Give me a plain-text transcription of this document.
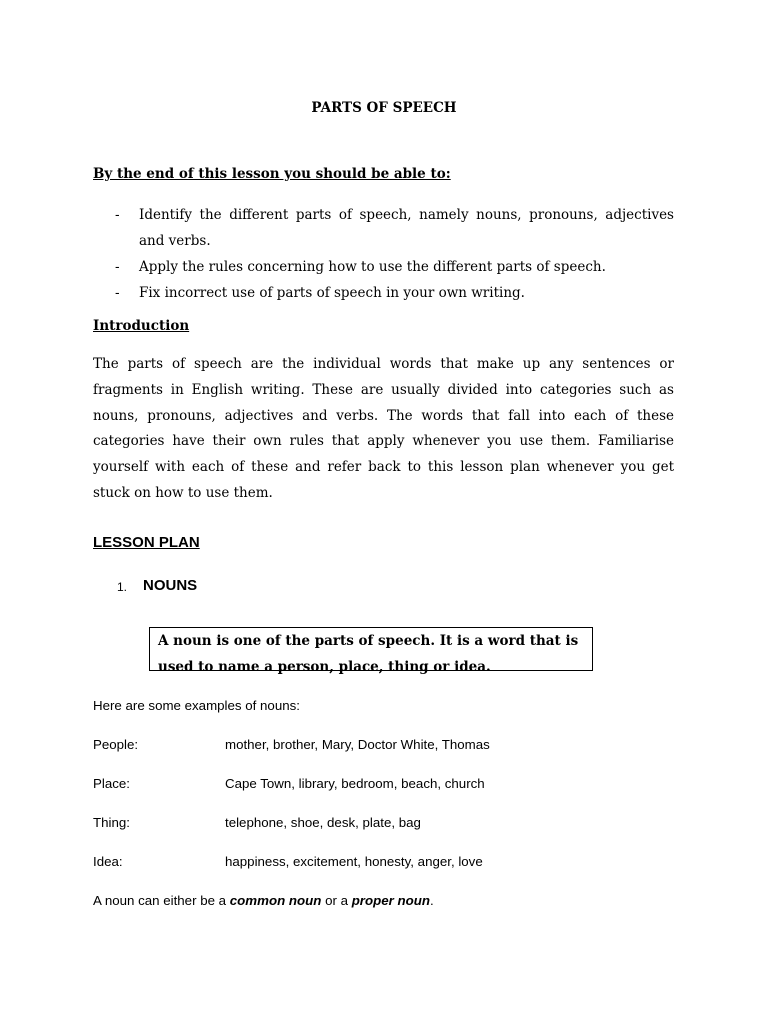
PARTS OF SPEECH
By the end of this lesson you should be able to:
- Identify the different parts of speech, namely nouns, pronouns, adjectives and verbs.
- Apply the rules concerning how to use the different parts of speech.
- Fix incorrect use of parts of speech in your own writing.
Introduction

The parts of speech are the individual words that make up any sentences or fragments in English writing. These are usually divided into categories such as nouns, pronouns, adjectives and verbs. The words that fall into each of these categories have their own rules that apply whenever you use them. Familiarise yourself with each of these and refer back to this lesson plan whenever you get stuck on how to use them.

LESSON PLAN
1. NOUNS
A noun is one of the parts of speech. It is a word that is used to name a person, place, thing or idea.
Here are some examples of nouns:
People:	mother, brother, Mary, Doctor White, Thomas
Place:	Cape Town, library, bedroom, beach, church
Thing:	telephone, shoe, desk, plate, bag
Idea:	happiness, excitement, honesty, anger, love
A noun can either be a common noun or a proper noun.
